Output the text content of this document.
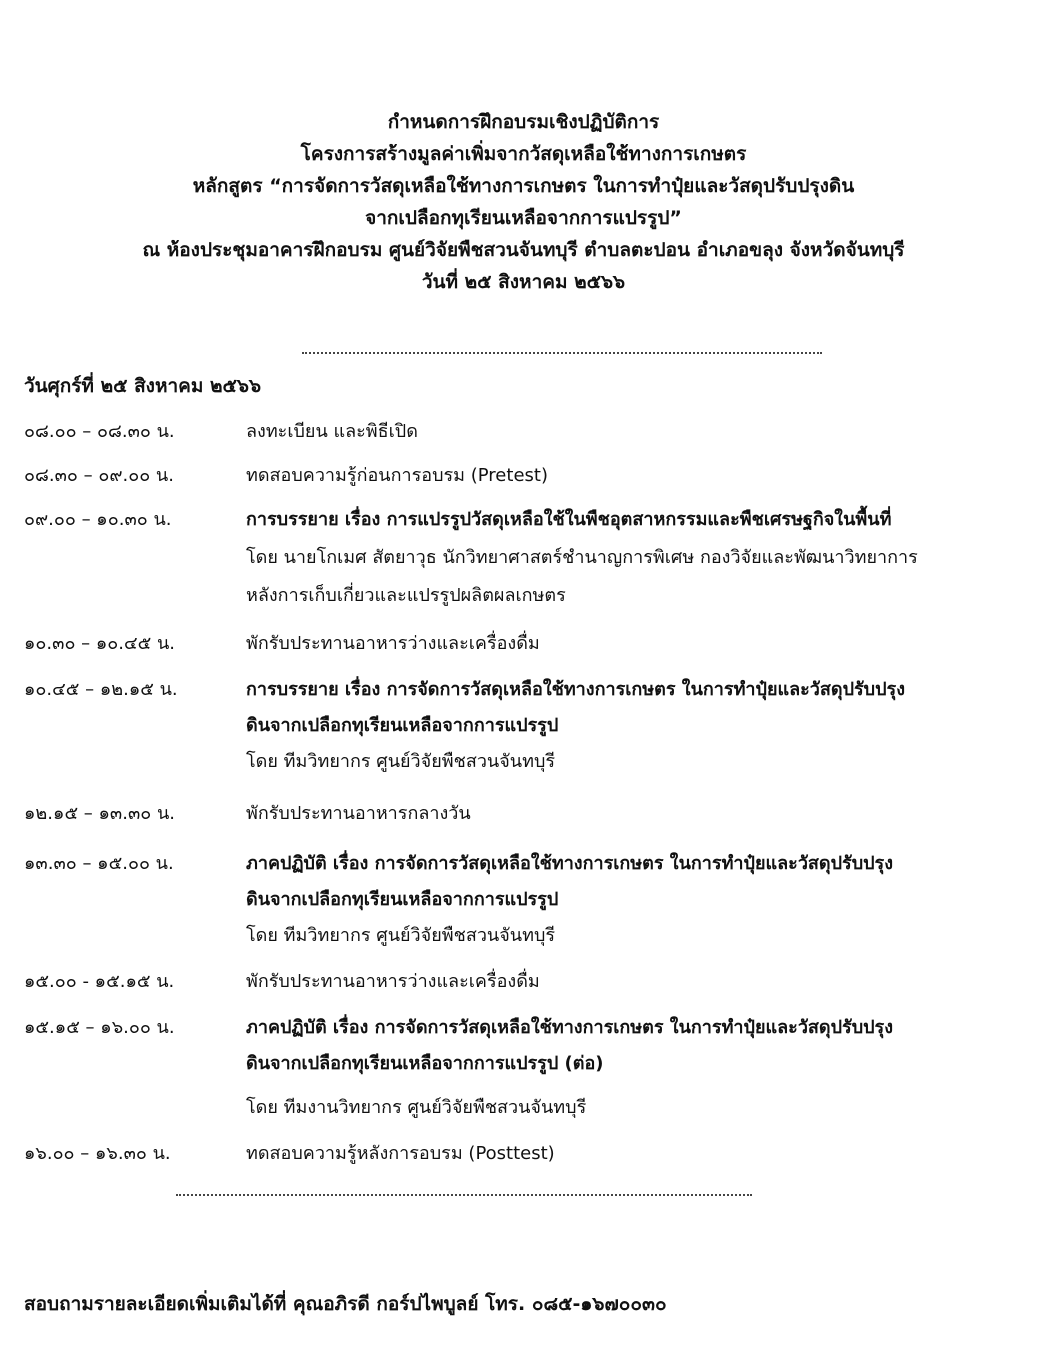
กำหนดการฝึกอบรมเชิงปฏิบัติการ
โครงการสร้างมูลค่าเพิ่มจากวัสดุเหลือใช้ทางการเกษตร
หลักสูตร “การจัดการวัสดุเหลือใช้ทางการเกษตร ในการทำปุ๋ยและวัสดุปรับปรุงดิน
จากเปลือกทุเรียนเหลือจากการแปรรูป”
ณ ห้องประชุมอาคารฝึกอบรม ศูนย์วิจัยพืชสวนจันทบุรี ตำบลตะปอน อำเภอขลุง จังหวัดจันทบุรี
วันที่ ๒๕ สิงหาคม ๒๕๖๖
วันศุกร์ที่ ๒๕ สิงหาคม ๒๕๖๖
๐๘.๐๐ – ๐๘.๓๐ น.	ลงทะเบียน และพิธีเปิด
๐๘.๓๐ – ๐๙.๐๐ น.	ทดสอบความรู้ก่อนการอบรม (Pretest)
๐๙.๐๐ – ๑๐.๓๐ น.	การบรรยาย เรื่อง การแปรรูปวัสดุเหลือใช้ในพืชอุตสาหกรรมและพืชเศรษฐกิจในพื้นที่
โดย นายโกเมศ สัตยาวุธ นักวิทยาศาสตร์ชำนาญการพิเศษ กองวิจัยและพัฒนาวิทยาการ
หลังการเก็บเกี่ยวและแปรรูปผลิตผลเกษตร
๑๐.๓๐ – ๑๐.๔๕ น.	พักรับประทานอาหารว่างและเครื่องดื่ม
๑๐.๔๕ – ๑๒.๑๕ น.	การบรรยาย เรื่อง การจัดการวัสดุเหลือใช้ทางการเกษตร ในการทำปุ๋ยและวัสดุปรับปรุง
ดินจากเปลือกทุเรียนเหลือจากการแปรรูป
โดย ทีมวิทยากร ศูนย์วิจัยพืชสวนจันทบุรี
๑๒.๑๕ – ๑๓.๓๐ น.	พักรับประทานอาหารกลางวัน
๑๓.๓๐ – ๑๕.๐๐ น.	ภาคปฏิบัติ เรื่อง การจัดการวัสดุเหลือใช้ทางการเกษตร ในการทำปุ๋ยและวัสดุปรับปรุง
ดินจากเปลือกทุเรียนเหลือจากการแปรรูป
โดย ทีมวิทยากร ศูนย์วิจัยพืชสวนจันทบุรี
๑๕.๐๐ - ๑๕.๑๕ น.	พักรับประทานอาหารว่างและเครื่องดื่ม
๑๕.๑๕ – ๑๖.๐๐ น.	ภาคปฏิบัติ เรื่อง การจัดการวัสดุเหลือใช้ทางการเกษตร ในการทำปุ๋ยและวัสดุปรับปรุง
ดินจากเปลือกทุเรียนเหลือจากการแปรรูป (ต่อ)
โดย ทีมงานวิทยากร ศูนย์วิจัยพืชสวนจันทบุรี
๑๖.๐๐ – ๑๖.๓๐ น.	ทดสอบความรู้หลังการอบรม (Posttest)
สอบถามรายละเอียดเพิ่มเติมได้ที่ คุณอภิรดี กอร์ปไพบูลย์ โทร. ๐๘๕-๑๖๗๐๐๓๐
